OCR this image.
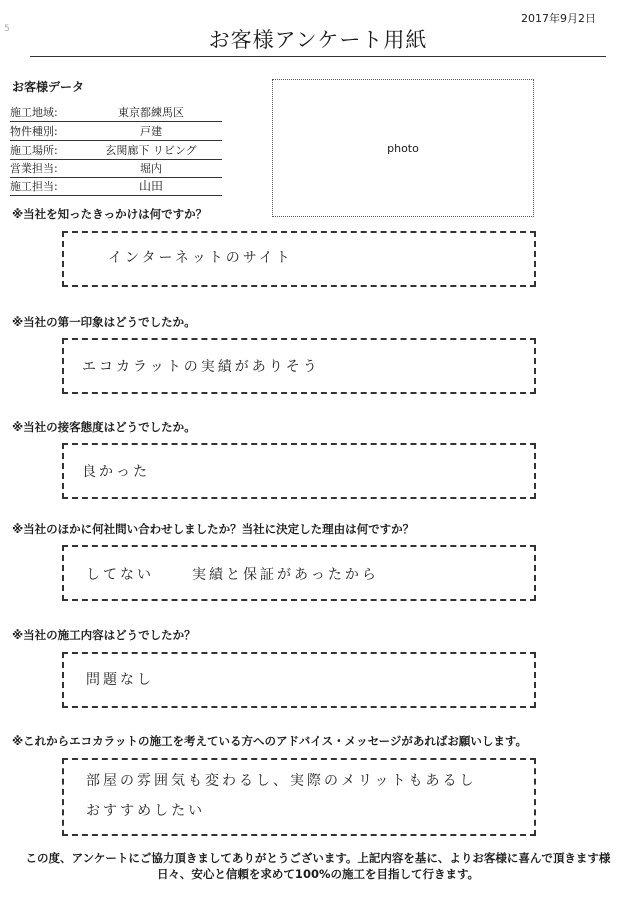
2017年9月2日
5	お客様アンケート用紙
お客様データ
施工地域:	東京都練馬区
物件種別:	戸建
施工場所:	玄関廊下 リビング
営業担当:	堀内
施工担当:	山田
photo
※当社を知ったきっかけは何ですか？
インターネットのサイト
※当社の第一印象はどうでしたか。
エコカラットの実績がありそう
※当社の接客態度はどうでしたか。
良かった
※当社のほかに何社問い合わせしましたか？当社に決定した理由は何ですか？
してない	実績と保証があったから
※当社の施工内容はどうでしたか？
問題なし
※これからエコカラットの施工を考えている方へのアドバイス・メッセージがあればお願いします。
部屋の雰囲気も変わるし、実際のメリットもあるし
おすすめしたい
この度、アンケートにご協力頂きましてありがとうございます。上記内容を基に、よりお客様に喜んで頂きます様
日々、安心と信頼を求めて100%の施工を目指して行きます。
